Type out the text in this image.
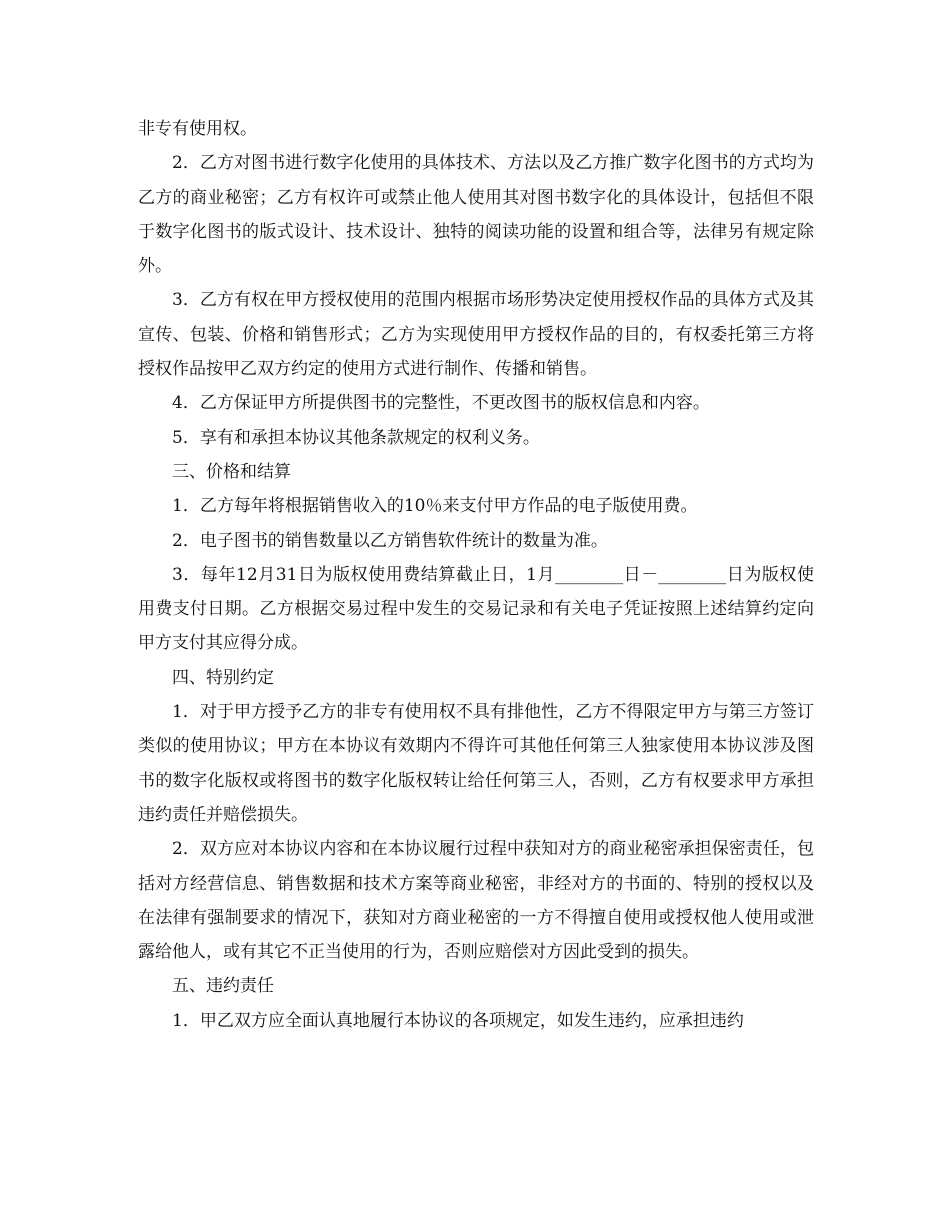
非专有使用权。

2．乙方对图书进行数字化使用的具体技术、方法以及乙方推广数字化图书的方式均为乙方的商业秘密；乙方有权许可或禁止他人使用其对图书数字化的具体设计，包括但不限于数字化图书的版式设计、技术设计、独特的阅读功能的设置和组合等，法律另有规定除外。

3．乙方有权在甲方授权使用的范围内根据市场形势决定使用授权作品的具体方式及其宣传、包装、价格和销售形式；乙方为实现使用甲方授权作品的目的，有权委托第三方将授权作品按甲乙双方约定的使用方式进行制作、传播和销售。

4．乙方保证甲方所提供图书的完整性，不更改图书的版权信息和内容。

5．享有和承担本协议其他条款规定的权利义务。

三、价格和结算

1．乙方每年将根据销售收入的10％来支付甲方作品的电子版使用费。

2．电子图书的销售数量以乙方销售软件统计的数量为准。

3．每年12月31日为版权使用费结算截止日，1月________日－________日为版权使用费支付日期。乙方根据交易过程中发生的交易记录和有关电子凭证按照上述结算约定向甲方支付其应得分成。

四、特别约定

1．对于甲方授予乙方的非专有使用权不具有排他性，乙方不得限定甲方与第三方签订类似的使用协议；甲方在本协议有效期内不得许可其他任何第三人独家使用本协议涉及图书的数字化版权或将图书的数字化版权转让给任何第三人，否则，乙方有权要求甲方承担违约责任并赔偿损失。

2．双方应对本协议内容和在本协议履行过程中获知对方的商业秘密承担保密责任，包括对方经营信息、销售数据和技术方案等商业秘密，非经对方的书面的、特别的授权以及在法律有强制要求的情况下，获知对方商业秘密的一方不得擅自使用或授权他人使用或泄露给他人，或有其它不正当使用的行为，否则应赔偿对方因此受到的损失。

五、违约责任

1．甲乙双方应全面认真地履行本协议的各项规定，如发生违约，应承担违约
